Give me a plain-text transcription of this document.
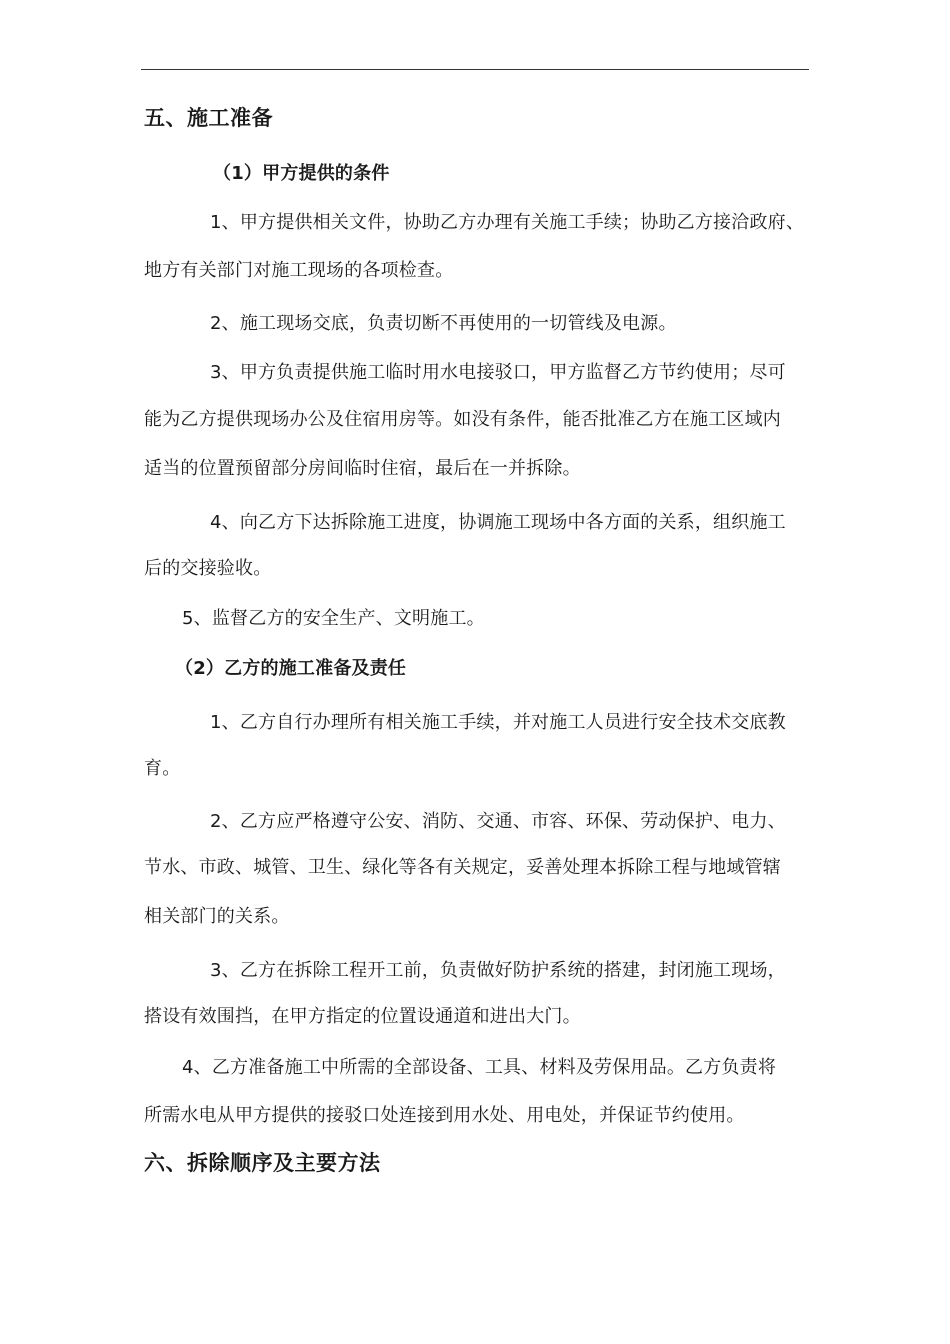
五、施工准备
（1）甲方提供的条件
1、甲方提供相关文件，协助乙方办理有关施工手续；协助乙方接洽政府、
地方有关部门对施工现场的各项检查。
2、施工现场交底，负责切断不再使用的一切管线及电源。
3、甲方负责提供施工临时用水电接驳口，甲方监督乙方节约使用；尽可
能为乙方提供现场办公及住宿用房等。如没有条件，能否批准乙方在施工区域内
适当的位置预留部分房间临时住宿，最后在一并拆除。
4、向乙方下达拆除施工进度，协调施工现场中各方面的关系，组织施工
后的交接验收。
5、监督乙方的安全生产、文明施工。
（2）乙方的施工准备及责任
1、乙方自行办理所有相关施工手续，并对施工人员进行安全技术交底教
育。
2、乙方应严格遵守公安、消防、交通、市容、环保、劳动保护、电力、
节水、市政、城管、卫生、绿化等各有关规定，妥善处理本拆除工程与地域管辖
相关部门的关系。
3、乙方在拆除工程开工前，负责做好防护系统的搭建，封闭施工现场，
搭设有效围挡，在甲方指定的位置设通道和进出大门。
4、乙方准备施工中所需的全部设备、工具、材料及劳保用品。乙方负责将
所需水电从甲方提供的接驳口处连接到用水处、用电处，并保证节约使用。
六、拆除顺序及主要方法
